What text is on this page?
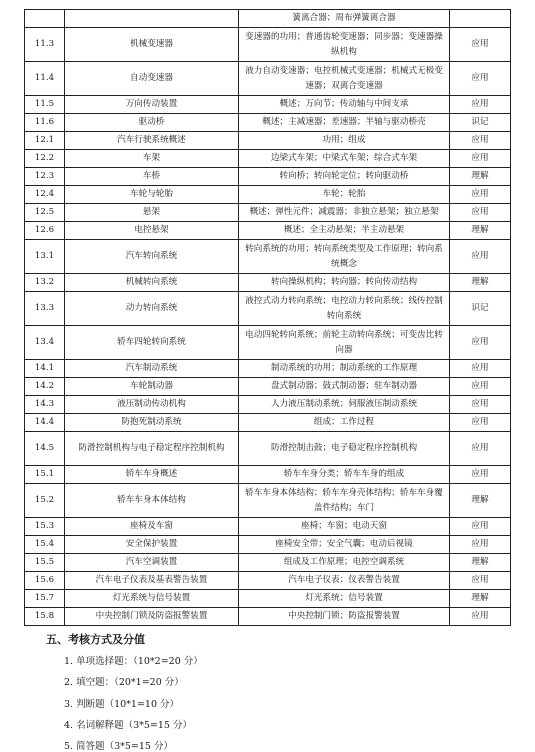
		簧离合器；周布弹簧离合器	
11.3	机械变速器	变速器的功用；普通齿轮变速器；同步器；变速器操纵机构	应用
11.4	自动变速器	液力自动变速器；电控机械式变速器；机械式无极变速器；双离合变速器	应用
11.5	万向传动装置	概述；万向节；传动轴与中间支承	应用
11.6	驱动桥	概述；主减速器；差速器；半轴与驱动桥壳	识记
12.1	汽车行驶系统概述	功用；组成	应用
12.2	车架	边梁式车架；中梁式车架；综合式车架	应用
12.3	车桥	转向桥；转向轮定位；转向驱动桥	理解
12.4	车轮与轮胎	车轮；轮胎	应用
12.5	悬架	概述；弹性元件；减震器；非独立悬架；独立悬架	应用
12.6	电控悬架	概述；全主动悬架；半主动悬架	理解
13.1	汽车转向系统	转向系统的功用；转向系统类型及工作原理；转向系统概念	应用
13.2	机械转向系统	转向操纵机构；转向器；转向传动结构	理解
13.3	动力转向系统	液控式动力转向系统；电控动力转向系统；线传控制转向系统	识记
13.4	轿车四轮转向系统	电动四轮转向系统；前轮主动转向系统；可变齿比转向器	应用
14.1	汽车制动系统	制动系统的功用；制动系统的工作原理	应用
14.2	车轮制动器	盘式制动器；鼓式制动器；驻车制动器	应用
14.3	液压制动传动机构	人力液压制动系统；伺服液压制动系统	应用
14.4	防抱死制动系统	组成；工作过程	应用
14.5	防滑控制机构与电子稳定程序控制机构	防滑控制击鼓；电子稳定程序控制机构	应用
15.1	轿车车身概述	轿车车身分类；轿车车身的组成	应用
15.2	轿车车身本体结构	轿车车身本体结构；轿车车身壳体结构；轿车车身覆盖件结构；车门	理解
15.3	座椅及车窗	座椅；车窗；电动天窗	应用
15.4	安全保护装置	座椅安全带；安全气囊；电动后视镜	应用
15.5	汽车空调装置	组成及工作原理；电控空调系统	理解
15.6	汽车电子仪表及基表警告装置	汽车电子仪表；仪表警告装置	应用
15.7	灯光系统与信号装置	灯光系统；信号装置	理解
15.8	中央控制门锁及防盗报警装置	中央控制门锁；防盗报警装置	应用

五、考核方式及分值

1. 单项选择题：（10*2=20 分）

2. 填空题：（20*1=20 分）

3. 判断题（10*1=10 分）

4. 名词解释题（3*5=15 分）

5. 简答题（3*5=15 分）
